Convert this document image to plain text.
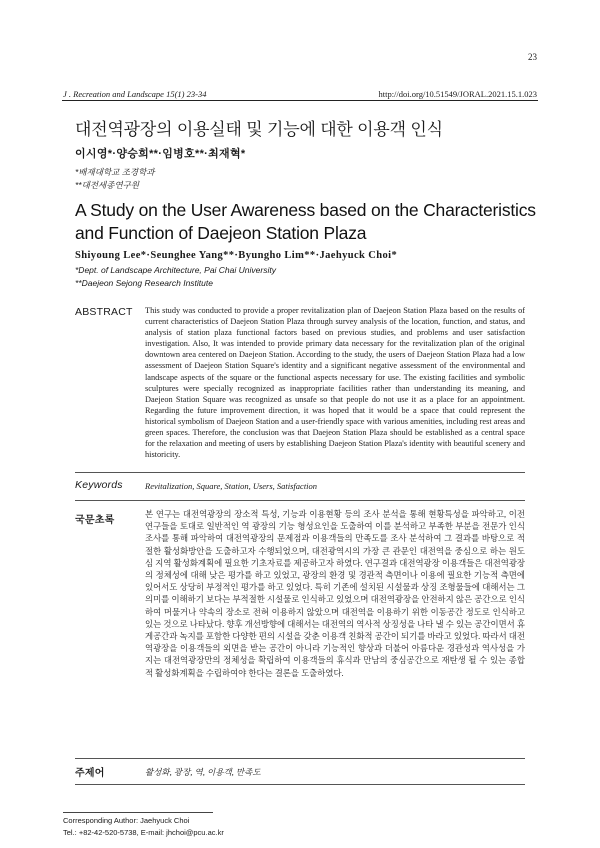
23
J . Recreation and Landscape 15(1) 23-34	http://doi.org/10.51549/JORAL.2021.15.1.023
대전역광장의 이용실태 및 기능에 대한 이용객 인식
이시영*·양승희**·임병호**·최재혁*
*배재대학교 조경학과
**대전세종연구원
A Study on the User Awareness based on the Characteristics and Function of Daejeon Station Plaza
Shiyoung Lee*·Seunghee Yang**·Byungho Lim**·Jaehyuck Choi*
*Dept. of Landscape Architecture, Pai Chai University
**Daejeon Sejong Research Institute
ABSTRACT This study was conducted to provide a proper revitalization plan of Daejeon Station Plaza based on the results of current characteristics of Daejeon Station Plaza through survey analysis of the location, function, and status, and analysis of station plaza functional factors based on previous studies, and problems and user satisfaction investigation. Also, It was intended to provide primary data necessary for the revitalization plan of the original downtown area centered on Daejeon Station. According to the study, the users of Daejeon Station Plaza had a low assessment of Daejeon Station Square's identity and a significant negative assessment of the environmental and landscape aspects of the square or the functional aspects necessary for use. The existing facilities and symbolic sculptures were specially recognized as inappropriate facilities rather than understanding its meaning, and Daejeon Station Square was recognized as unsafe so that people do not use it as a place for an appointment. Regarding the future improvement direction, it was hoped that it would be a space that could represent the historical symbolism of Daejeon Station and a user-friendly space with various amenities, including rest areas and green spaces. Therefore, the conclusion was that Daejeon Station Plaza should be established as a central space for the relaxation and meeting of users by establishing Daejeon Station Plaza's identity with beautiful scenery and historicity.
Keywords	Revitalization, Square, Station, Users, Satisfaction
국문초록
본 연구는 대전역광장의 장소적 특성, 기능과 이용현황 등의 조사 분석을 통해 현황특성을 파악하고, 이전 연구들을 토대로 일반적인 역 광장의 기능 형성요인을 도출하여 이를 분석하고 부족한 부분을 전문가 인식조사를 통해 파악하여 대전역광장의 문제점과 이용객들의 만족도를 조사 분석하여 그 결과를 바탕으로 적절한 활성화방안을 도출하고자 수행되었으며, 대전광역시의 가장 큰 관문인 대전역을 중심으로 하는 원도심 지역 활성화계획에 필요한 기초자료를 제공하고자 하였다. 연구결과 대전역광장 이용객들은 대전역광장의 정체성에 대해 낮은 평가를 하고 있었고, 광장의 환경 및 경관적 측면이나 이용에 필요한 기능적 측면에 있어서도 상당히 부정적인 평가를 하고 있었다. 특히 기존에 설치된 시설물과 상징 조형물들에 대해서는 그 의미를 이해하기 보다는 부적절한 시설물로 인식하고 있었으며 대전역광장을 안전하지 않은 공간으로 인식하여 머물거나 약속의 장소로 전혀 이용하지 않았으며 대전역을 이용하기 위한 이동공간 정도로 인식하고 있는 것으로 나타났다. 향후 개선방향에 대해서는 대전역의 역사적 상징성을 나타 낼 수 있는 공간이면서 휴게공간과 녹지를 포함한 다양한 편의 시설을 갖춘 이용객 친화적 공간이 되기를 바라고 있었다. 따라서 대전역광장을 이용객들의 외면을 받는 공간이 아니라 기능적인 향상과 더불어 아름다운 경관성과 역사성을 가지는 대전역광장만의 정체성을 확립하여 이용객들의 휴식과 만남의 중심공간으로 재탄생 될 수 있는 종합적 활성화계획을 수립하여야 한다는 결론을 도출하였다.
주제어	활성화, 광장, 역, 이용객, 만족도
Corresponding Author: Jaehyuck Choi
Tel.: +82-42-520-5738, E-mail: jhchoi@pcu.ac.kr
